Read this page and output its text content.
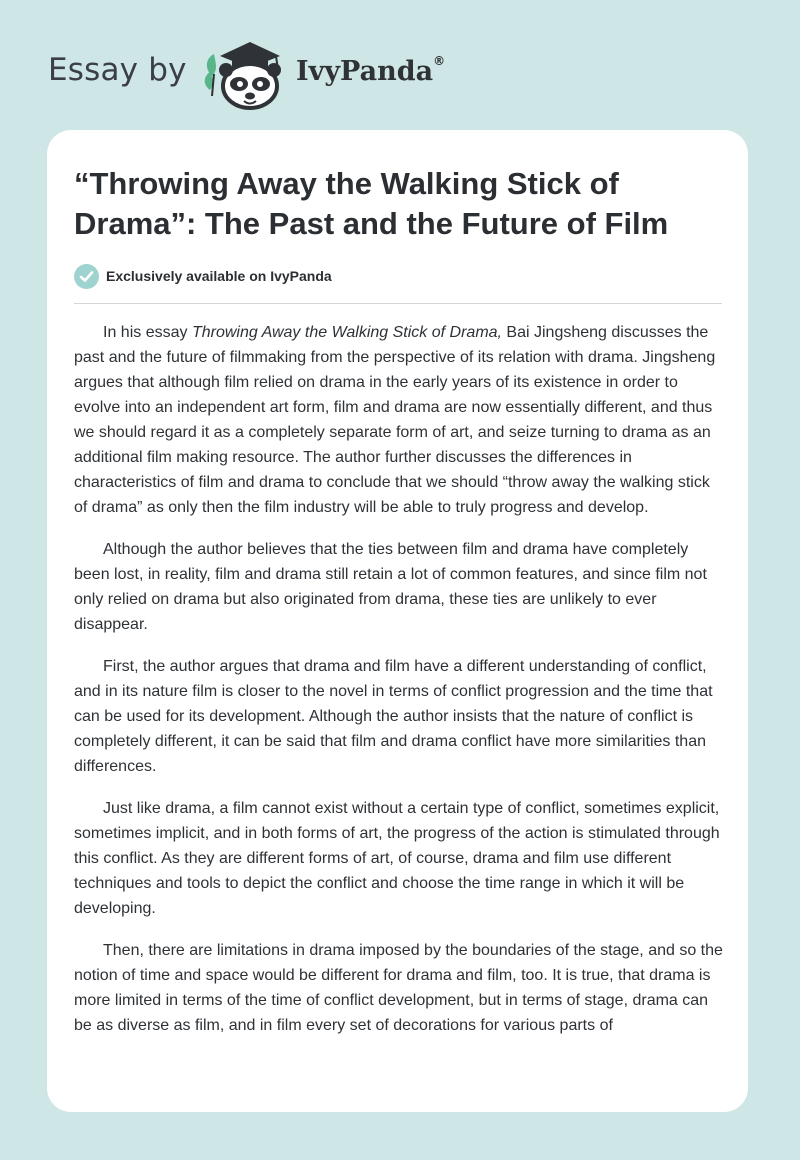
Essay by	IvyPanda®
“Throwing Away the Walking Stick of Drama”: The Past and the Future of Film
Exclusively available on IvyPanda

In his essay Throwing Away the Walking Stick of Drama, Bai Jingsheng discusses the past and the future of filmmaking from the perspective of its relation with drama. Jingsheng argues that although film relied on drama in the early years of its existence in order to evolve into an independent art form, film and drama are now essentially different, and thus we should regard it as a completely separate form of art, and seize turning to drama as an additional film making resource. The author further discusses the differences in characteristics of film and drama to conclude that we should “throw away the walking stick of drama” as only then the film industry will be able to truly progress and develop.

Although the author believes that the ties between film and drama have completely been lost, in reality, film and drama still retain a lot of common features, and since film not only relied on drama but also originated from drama, these ties are unlikely to ever disappear.

First, the author argues that drama and film have a different understanding of conflict, and in its nature film is closer to the novel in terms of conflict progression and the time that can be used for its development. Although the author insists that the nature of conflict is completely different, it can be said that film and drama conflict have more similarities than differences.

Just like drama, a film cannot exist without a certain type of conflict, sometimes explicit, sometimes implicit, and in both forms of art, the progress of the action is stimulated through this conflict. As they are different forms of art, of course, drama and film use different techniques and tools to depict the conflict and choose the time range in which it will be developing.

Then, there are limitations in drama imposed by the boundaries of the stage, and so the notion of time and space would be different for drama and film, too. It is true, that drama is more limited in terms of the time of conflict development, but in terms of stage, drama can be as diverse as film, and in film every set of decorations for various parts of
